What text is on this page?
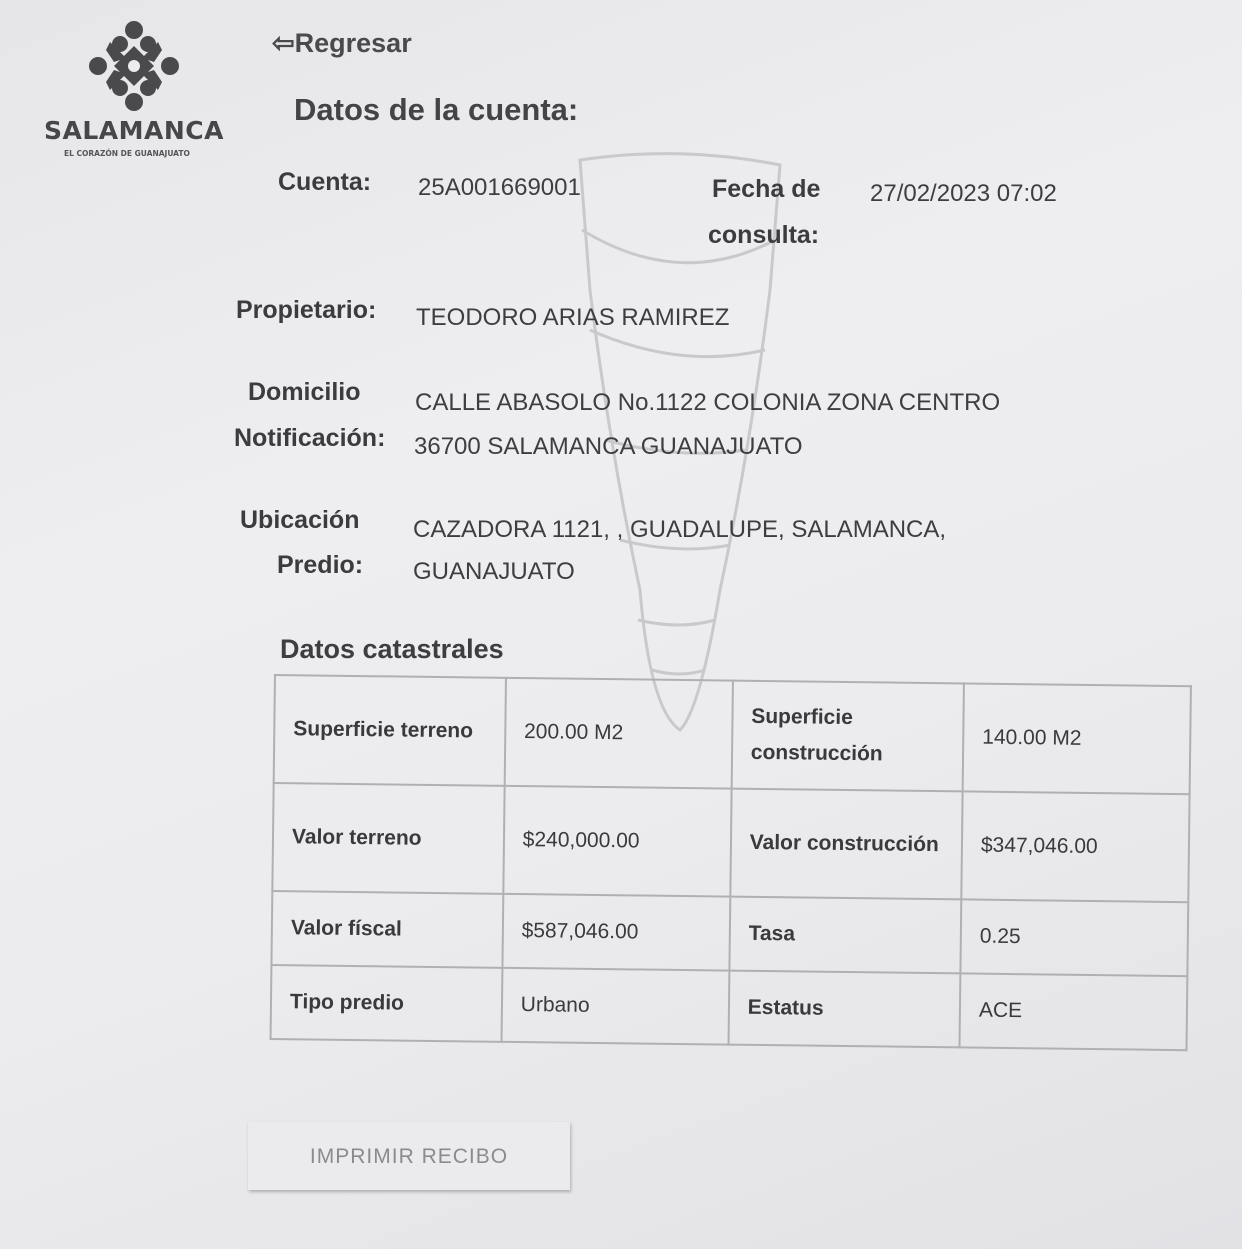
SALAMANCA
EL CORAZÓN DE GUANAJUATO
⇦Regresar
Datos de la cuenta:
Cuenta: 25A001669001	Fecha de
consulta:
27/02/2023 07:02
Propietario: TEODORO ARIAS RAMIREZ
Domicilio
Notificación:
CALLE ABASOLO No.1122 COLONIA ZONA CENTRO
36700 SALAMANCA GUANAJUATO
Ubicación
Predio:
CAZADORA 1121, , GUADALUPE, SALAMANCA,
GUANAJUATO
Datos catastrales
Superficie terreno	200.00 M2	Superficie construcción	140.00 M2
Valor terreno	$240,000.00	Valor construcción	$347,046.00
Valor físcal	$587,046.00	Tasa	0.25
Tipo predio	Urbano	Estatus	ACE
IMPRIMIR RECIBO
